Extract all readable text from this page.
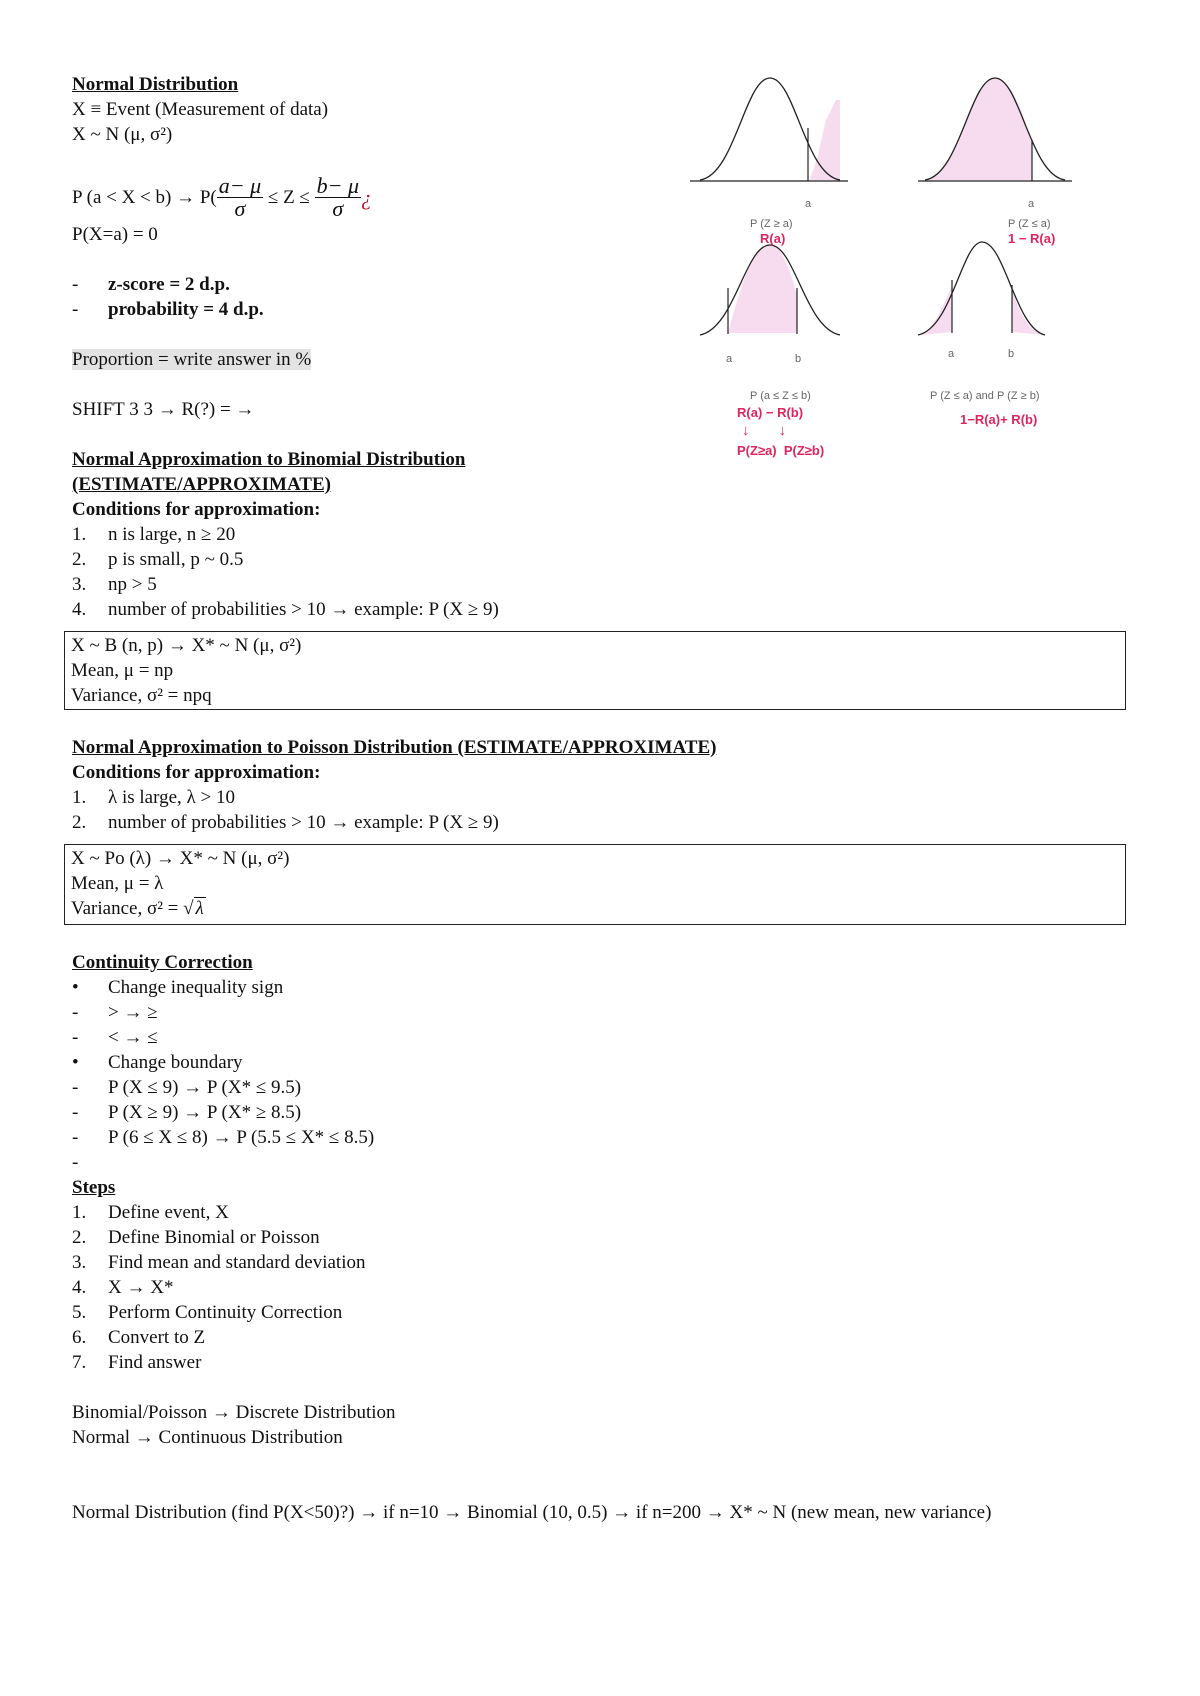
Normal Distribution
X ≡ Event (Measurement of data)
X ~ N (μ, σ²)
P $(a < X < b) \to P( \frac{a- \mu}{\sigma} \le Z \le \frac{b- \mu}{\sigma}$ ¿
P(X=a) = 0
-	z-score = 2 d.p.
-	probability = 4 d.p.
Proportion = write answer in %
SHIFT 3 3 → R(?) = →
Normal Approximation to Binomial Distribution
(ESTIMATE/APPROXIMATE)
Conditions for approximation:
1.	n is large, n ≥ 20
2.	p is small, p ~ 0.5
3.	np > 5
4.	number of probabilities > 10 → example: P (X ≥ 9)
X ~ B (n, p) → X* ~ N (μ, σ²)
Mean, μ = np
Variance, σ² = npq
Normal Approximation to Poisson Distribution (ESTIMATE/APPROXIMATE)
Conditions for approximation:
1.	λ is large, λ > 10
2.	number of probabilities > 10 → example: P (X ≥ 9)
X ~ Po (λ) → X* ~ N (μ, σ²)
Mean, μ = λ
Variance, σ² = √ λ
Continuity Correction
•	Change inequality sign
-	> → ≥
-	< → ≤
•	Change boundary
-	P (X ≤ 9) → P (X* ≤ 9.5)
-	P (X ≥ 9) → P (X* ≥ 8.5)
-	P (6 ≤ X ≤ 8) → P (5.5 ≤ X* ≤ 8.5)
-
Steps
1.	Define event, X
2.	Define Binomial or Poisson
3.	Find mean and standard deviation
4.	X → X*
5.	Perform Continuity Correction
6.	Convert to Z
7.	Find answer
Binomial/Poisson → Discrete Distribution
Normal → Continuous Distribution
Normal Distribution (find P(X<50)?) → if n=10 → Binomial (10, 0.5) → if n=200 → X* ~ N (new mean, new variance)
a
P (Z ≥ a)
R(a)
a
P (Z ≤ a)
1 − R(a)
a	b
P (a ≤ Z ≤ b)
R(a) − R(b)
↓       ↓
P(Z≥a)  P(Z≥b)
a	b
P (Z ≤ a) and P (Z ≥ b)
1−R(a)+ R(b)
